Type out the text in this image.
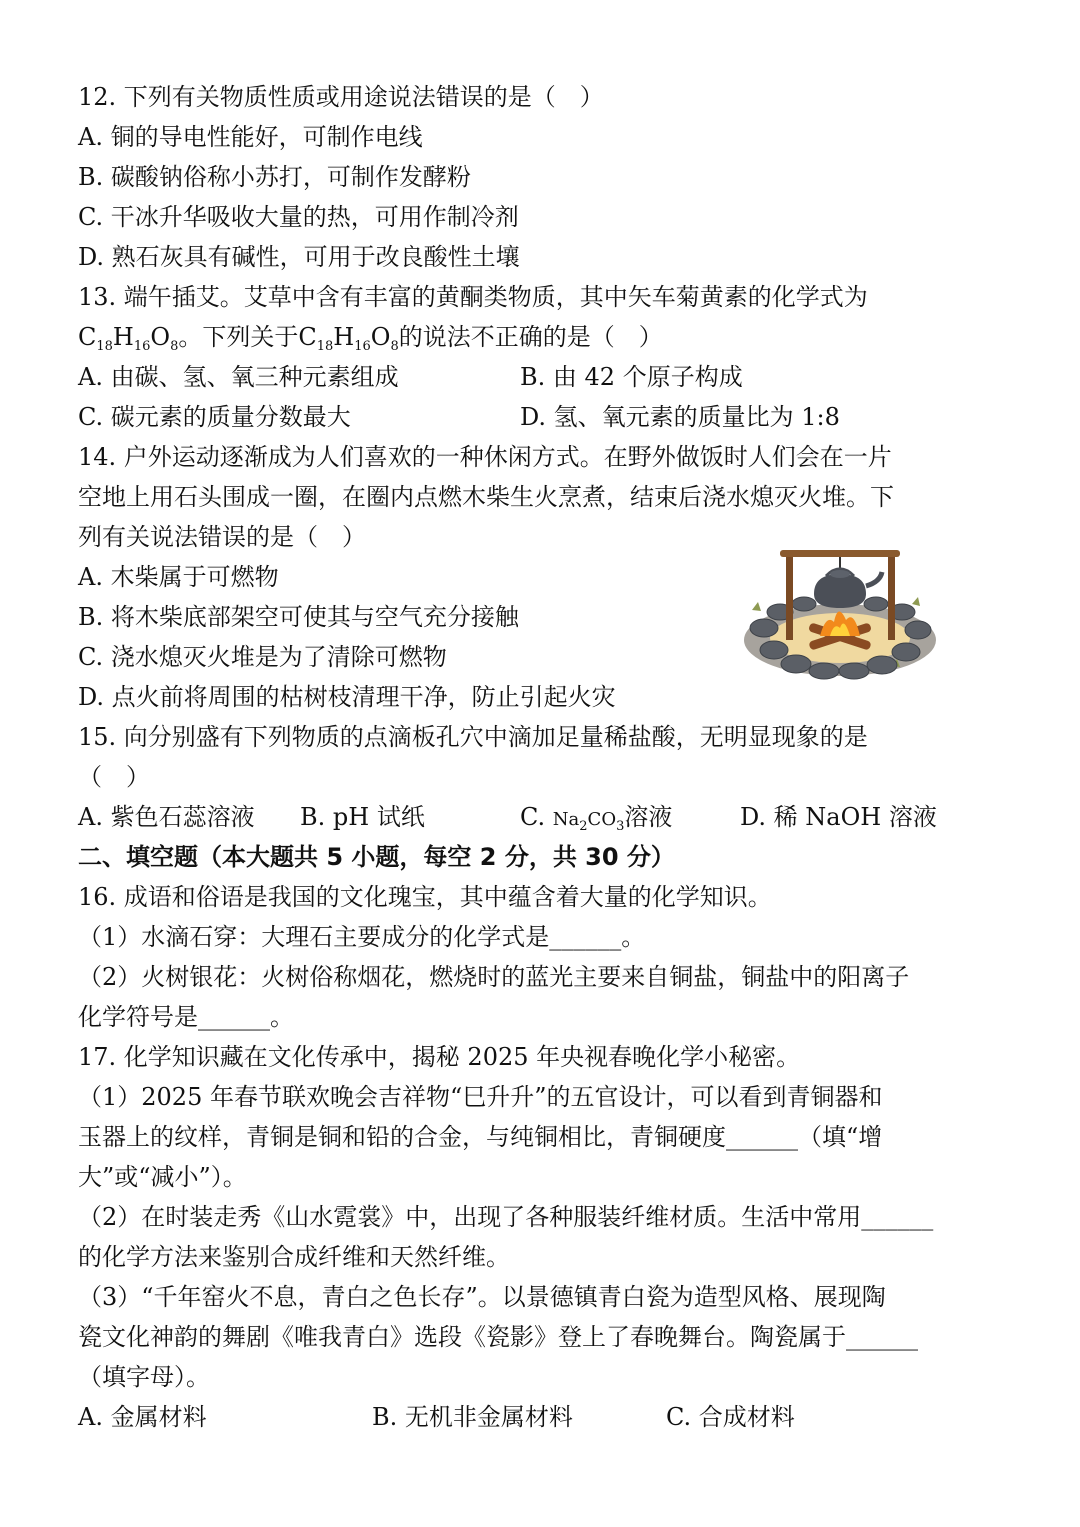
12. 下列有关物质性质或用途说法错误的是（　）
A. 铜的导电性能好，可制作电线
B. 碳酸钠俗称小苏打，可制作发酵粉
C. 干冰升华吸收大量的热，可用作制冷剂
D. 熟石灰具有碱性，可用于改良酸性土壤
13. 端午插艾。艾草中含有丰富的黄酮类物质，其中矢车菊黄素的化学式为
$C_{18}H_{16}O_8$。下列关于$C_{18}H_{16}O_8$的说法不正确的是（　）
A. 由碳、氢、氧三种元素组成	B. 由 42 个原子构成
C. 碳元素的质量分数最大	D. 氢、氧元素的质量比为 1:8
14. 户外运动逐渐成为人们喜欢的一种休闲方式。在野外做饭时人们会在一片
空地上用石头围成一圈，在圈内点燃木柴生火烹煮，结束后浇水熄灭火堆。下
列有关说法错误的是（　）
A. 木柴属于可燃物
B. 将木柴底部架空可使其与空气充分接触
C. 浇水熄灭火堆是为了清除可燃物
D. 点火前将周围的枯树枝清理干净，防止引起火灾
15. 向分别盛有下列物质的点滴板孔穴中滴加足量稀盐酸，无明显现象的是
（　）
A. 紫色石蕊溶液 B. pH 试纸	C. $Na_2CO_3$溶液	D. 稀 NaOH 溶液
二、填空题（本大题共 5 小题，每空 2 分，共 30 分）
16. 成语和俗语是我国的文化瑰宝，其中蕴含着大量的化学知识。
（1）水滴石穿：大理石主要成分的化学式是______。
（2）火树银花：火树俗称烟花，燃烧时的蓝光主要来自铜盐，铜盐中的阳离子
化学符号是______。
17. 化学知识藏在文化传承中，揭秘 2025 年央视春晚化学小秘密。
（1）2025 年春节联欢晚会吉祥物“巳升升”的五官设计，可以看到青铜器和
玉器上的纹样，青铜是铜和铅的合金，与纯铜相比，青铜硬度______（填“增
大”或“减小”）。
（2）在时装走秀《山水霓裳》中，出现了各种服装纤维材质。生活中常用______
的化学方法来鉴别合成纤维和天然纤维。
（3）“千年窑火不息，青白之色长存”。以景德镇青白瓷为造型风格、展现陶
瓷文化神韵的舞剧《唯我青白》选段《瓷影》登上了春晚舞台。陶瓷属于______
（填字母）。
A. 金属材料	B. 无机非金属材料	C. 合成材料
